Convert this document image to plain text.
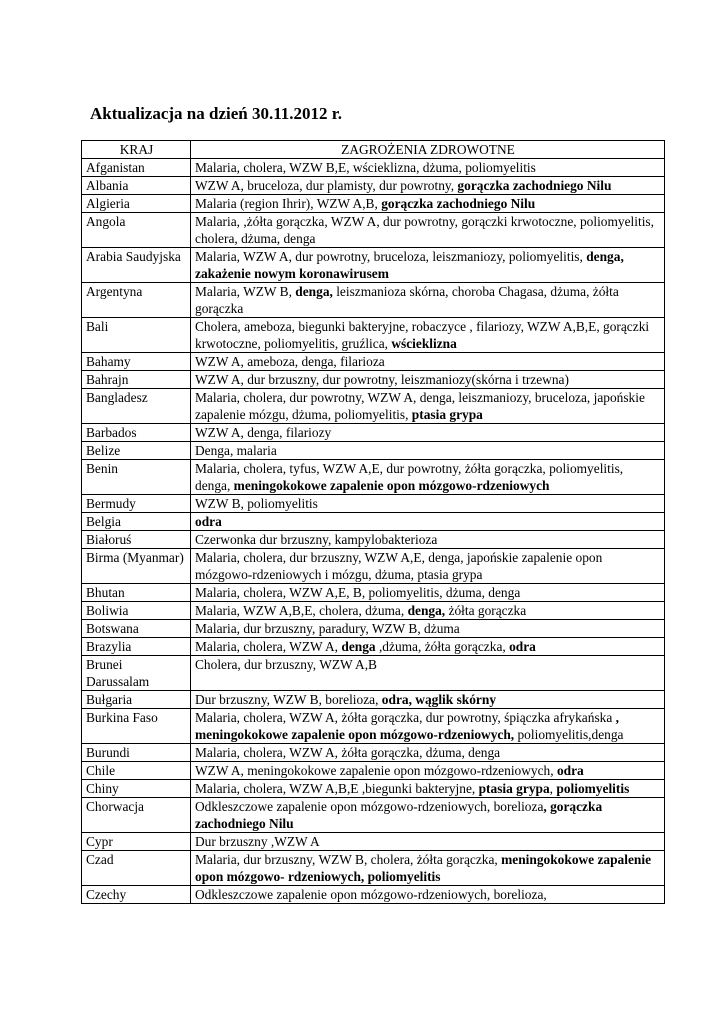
Aktualizacja na dzień 30.11.2012 r.
KRAJ	ZAGROŻENIA ZDROWOTNE
Afganistan	Malaria, cholera, WZW B,E, wścieklizna, dżuma, poliomyelitis
Albania	WZW A, bruceloza, dur plamisty, dur powrotny, gorączka zachodniego Nilu
Algieria	Malaria (region Ihrir), WZW A,B, gorączka zachodniego Nilu
Angola	Malaria, ,żółta gorączka, WZW A, dur powrotny, gorączki krwotoczne, poliomyelitis, cholera, dżuma, denga
Arabia Saudyjska	Malaria, WZW A, dur powrotny, bruceloza, leiszmaniozy, poliomyelitis, denga, zakażenie nowym koronawirusem
Argentyna	Malaria, WZW B, denga, leiszmanioza skórna, choroba Chagasa, dżuma, żółta gorączka
Bali	Cholera, ameboza, biegunki bakteryjne, robaczyce , filariozy, WZW A,B,E, gorączki krwotoczne, poliomyelitis, gruźlica, wścieklizna
Bahamy	WZW A, ameboza, denga, filarioza
Bahrajn	WZW A, dur brzuszny, dur powrotny, leiszmaniozy(skórna i trzewna)
Bangladesz	Malaria, cholera, dur powrotny, WZW A, denga, leiszmaniozy, bruceloza, japońskie zapalenie mózgu, dżuma, poliomyelitis, ptasia grypa
Barbados	WZW A, denga, filariozy
Belize	Denga, malaria
Benin	Malaria, cholera, tyfus, WZW A,E, dur powrotny, żółta gorączka, poliomyelitis, denga, meningokokowe zapalenie opon mózgowo-rdzeniowych
Bermudy	WZW B, poliomyelitis
Belgia	odra
Białoruś	Czerwonka dur brzuszny, kampylobakterioza
Birma (Myanmar)	Malaria, cholera, dur brzuszny, WZW A,E, denga, japońskie zapalenie opon mózgowo-rdzeniowych i mózgu, dżuma, ptasia grypa
Bhutan	Malaria, cholera, WZW A,E, B, poliomyelitis, dżuma, denga
Boliwia	Malaria, WZW A,B,E, cholera, dżuma, denga, żółta gorączka
Botswana	Malaria, dur brzuszny, paradury, WZW B, dżuma
Brazylia	Malaria, cholera, WZW A, denga ,dżuma, żółta gorączka, odra
Brunei Darussalam	Cholera, dur brzuszny, WZW A,B
Bułgaria	Dur brzuszny, WZW B, borelioza, odra, wąglik skórny
Burkina Faso	Malaria, cholera, WZW A, żółta gorączka, dur powrotny, śpiączka afrykańska , meningokokowe zapalenie opon mózgowo-rdzeniowych, poliomyelitis,denga
Burundi	Malaria, cholera, WZW A, żółta gorączka, dżuma, denga
Chile	WZW A, meningokokowe zapalenie opon mózgowo-rdzeniowych, odra
Chiny	Malaria, cholera, WZW A,B,E ,biegunki bakteryjne, ptasia grypa, poliomyelitis
Chorwacja	Odkleszczowe zapalenie opon mózgowo-rdzeniowych, borelioza, gorączka zachodniego Nilu
Cypr	Dur brzuszny ,WZW A
Czad	Malaria, dur brzuszny, WZW B, cholera, żółta gorączka, meningokokowe zapalenie opon mózgowo- rdzeniowych, poliomyelitis
Czechy	Odkleszczowe zapalenie opon mózgowo-rdzeniowych, borelioza,
